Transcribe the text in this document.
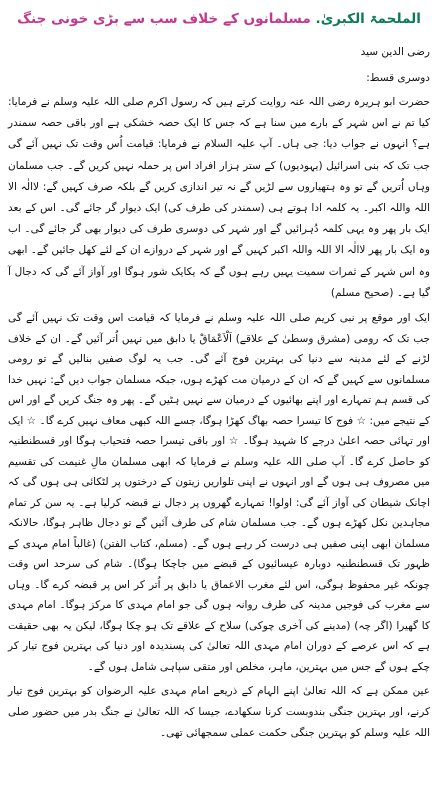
الملحمۃ الکبریٰ. مسلمانوں کے خلاف سب سے بڑی خونی جنگ
رضی الدین سید
دوسری قسط:

حضرت ابو ہریرہ رضی اللہ عنہ روایت کرتے ہیں کہ رسول اکرم صلی اللہ علیہ وسلم نے فرمایا: کیا تم نے اس شہر کے بارے میں سنا ہے کہ جس کا ایک حصہ خشکی ہے اور باقی حصہ سمندر ہے؟ انہوں نے جواب دیا: جی ہاں۔ آپ علیہ السلام نے فرمایا: قیامت اُس وقت تک نہیں آئے گی جب تک کہ بنی اسرائیل (یہودیوں) کے ستر ہزار افراد اس پر حملہ نہیں کریں گے۔ جب مسلمان وہاں اُتریں گے تو وہ ہتھیاروں سے لڑیں گے نہ تیر اندازی کریں گے بلکہ صرف کہیں گے: لاالٰہ الا اللہ واللہ اکبر۔ یہ کلمہ ادا ہوتے ہی (سمندر کی طرف کی) ایک دیوار گر جائے گی۔ اس کے بعد ایک بار پھر وہ یہی کلمہ دُہرائیں گے اور شہر کی دوسری طرف کی دیوار بھی گر جائے گی۔ اب وہ ایک بار پھر لاالٰہ الا اللہ واللہ اکبر کہیں گے اور شہر کے دروازے ان کے لئے کھل جائیں گے۔ ابھی وہ اس شہر کے ثمرات سمیت یہیں رہے ہوں گے کہ یکایک شور ہوگا اور آواز آئے گی کہ دجال آ گیا ہے۔ (صحیح مسلم)

ایک اور موقع پر نبی کریم صلی اللہ علیہ وسلم نے فرمایا کہ قیامت اس وقت تک نہیں آئے گی جب تک کہ رومی (مشرق وسطیٰ کے علاقے) اَلْاَعْمَاقْ یا دابق میں نہیں اُتر آئیں گے۔ ان کے خلاف لڑنے کے لئے مدینہ سے دنیا کی بہترین فوج آئے گی۔ جب یہ لوگ صفیں بنالیں گے تو رومی مسلمانوں سے کہیں گے کہ ان کے درمیان مت کھڑے ہوں، جبکہ مسلمان جواب دیں گے: نہیں خدا کی قسم ہم تمہارے اور اپنے بھائیوں کے درمیان سے نہیں ہٹیں گے۔ پھر وہ جنگ کریں گے اور اس کے نتیجے میں: ☆ فوج کا تیسرا حصہ بھاگ کھڑا ہوگا، جسے اللہ کبھی معاف نہیں کرے گا۔ ☆ ایک اور تہائی حصہ اعلیٰ درجے کا شہید ہوگا۔ ☆ اور باقی تیسرا حصہ فتحیاب ہوگا اور قسطنطنیہ کو حاصل کرے گا۔ آپ صلی اللہ علیہ وسلم نے فرمایا کہ ابھی مسلمان مالِ غنیمت کی تقسیم میں مصروف ہی ہوں گے اور انہوں نے اپنی تلواریں زیتون کے درختوں پر لٹکائی ہی ہوں گی کہ اچانک شیطان کی آواز آئے گی: اولوا! تمہارے گھروں پر دجال نے قبضہ کرلیا ہے۔ یہ سن کر تمام مجاہدین نکل کھڑے ہوں گے۔ جب مسلمان شام کی طرف آئیں گے تو دجال ظاہر ہوگا، حالانکہ مسلمان ابھی اپنی صفیں ہی درست کر رہے ہوں گے۔ (مسلم، کتاب الفتن) (غالباً امام مہدی کے ظہور تک قسطنطنیہ دوبارہ عیسائیوں کے قبضے میں جاچکا ہوگا)۔ شام کی سرحد اس وقت چونکہ غیر محفوظ ہوگی، اس لئے مغرب الاعماق یا دابق پر اُتر کر اس پر قبضہ کرے گا۔ وہاں سے مغرب کی فوجیں مدینہ کی طرف روانہ ہوں گی جو امام مہدی کا مرکز ہوگا۔ امام مہدی کا گھیرا (اگر چہ) (مدینے کی آخری چوکی) سلاح کے علاقے تک ہو چکا ہوگا، لیکن یہ بھی حقیقت ہے کہ اس عرصے کے دوران امام مہدی اللہ تعالیٰ کی پسندیدہ اور دنیا کی بہترین فوج تیار کر چکے ہوں گے جس میں بہترین، ماہر، مخلص اور متقی سپاہی شامل ہوں گے۔

عین ممکن ہے کہ اللہ تعالیٰ اپنے الہام کے ذریعے امام مہدی علیہ الرضوان کو بہترین فوج تیار کرنے، اور بہترین جنگی بندوبست کرنا سکھادے، جیسا کہ اللہ تعالیٰ نے جنگ بدر میں حضور صلی اللہ علیہ وسلم کو بہترین جنگی حکمت عملی سمجھائی تھی۔
